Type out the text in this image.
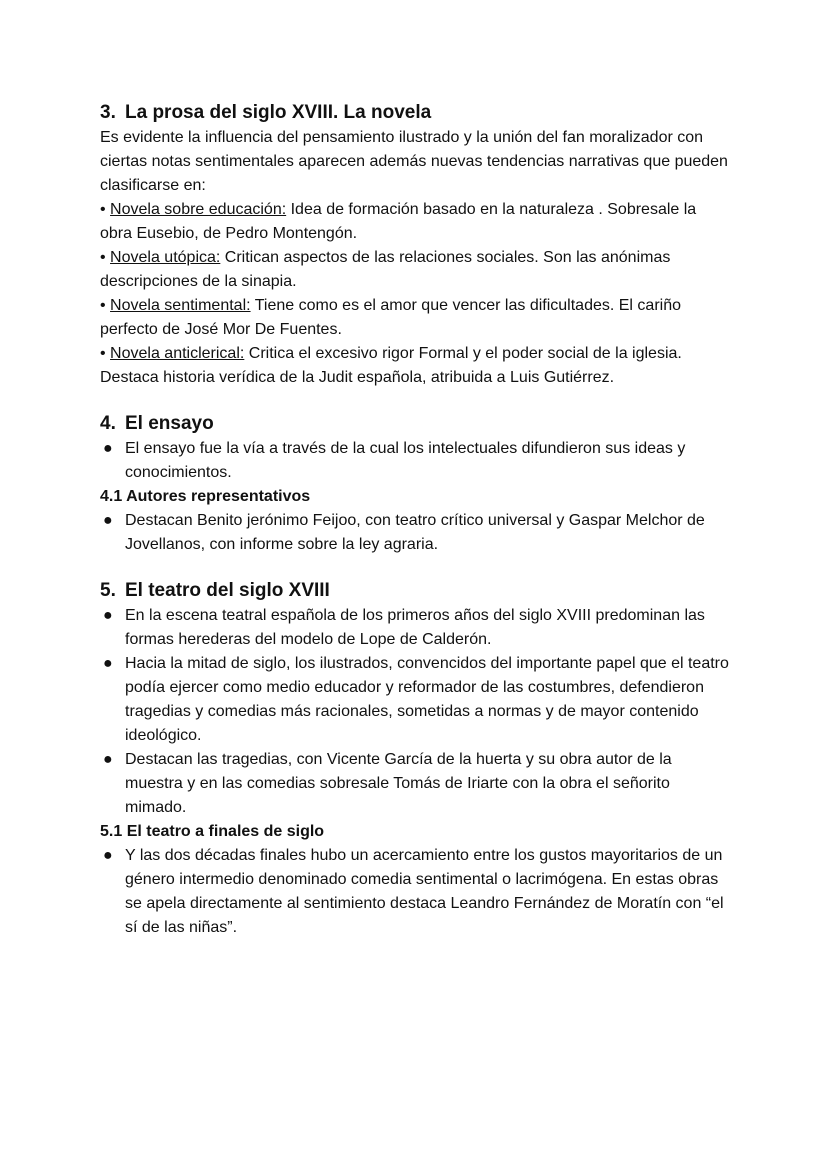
3. La prosa del siglo XVIII. La novela

Es evidente la influencia del pensamiento ilustrado y la unión del fan moralizador con ciertas notas sentimentales aparecen además nuevas tendencias narrativas que pueden clasificarse en:

• Novela sobre educación: Idea de formación basado en la naturaleza . Sobresale la obra Eusebio, de Pedro Montengón.

• Novela utópica: Critican aspectos de las relaciones sociales. Son las anónimas descripciones de la sinapia.

• Novela sentimental: Tiene como es el amor que vencer las dificultades. El cariño perfecto de José Mor De Fuentes.

• Novela anticlerical: Critica el excesivo rigor Formal y el poder social de la iglesia. Destaca historia verídica de la Judit española, atribuida a Luis Gutiérrez.

4. El ensayo
● El ensayo fue la vía a través de la cual los intelectuales difundieron sus ideas y conocimientos.
4.1 Autores representativos
● Destacan Benito jerónimo Feijoo, con teatro crítico universal y Gaspar Melchor de Jovellanos, con informe sobre la ley agraria.
5. El teatro del siglo XVIII
● En la escena teatral española de los primeros años del siglo XVIII predominan las formas herederas del modelo de Lope de Calderón.
● Hacia la mitad de siglo, los ilustrados, convencidos del importante papel que el teatro podía ejercer como medio educador y reformador de las costumbres, defendieron tragedias y comedias más racionales, sometidas a normas y de mayor contenido ideológico.
● Destacan las tragedias, con Vicente García de la huerta y su obra autor de la muestra y en las comedias sobresale Tomás de Iriarte con la obra el señorito mimado.
5.1 El teatro a finales de siglo
● Y las dos décadas finales hubo un acercamiento entre los gustos mayoritarios de un género intermedio denominado comedia sentimental o lacrimógena. En estas obras se apela directamente al sentimiento destaca Leandro Fernández de Moratín con “el sí de las niñas”.
